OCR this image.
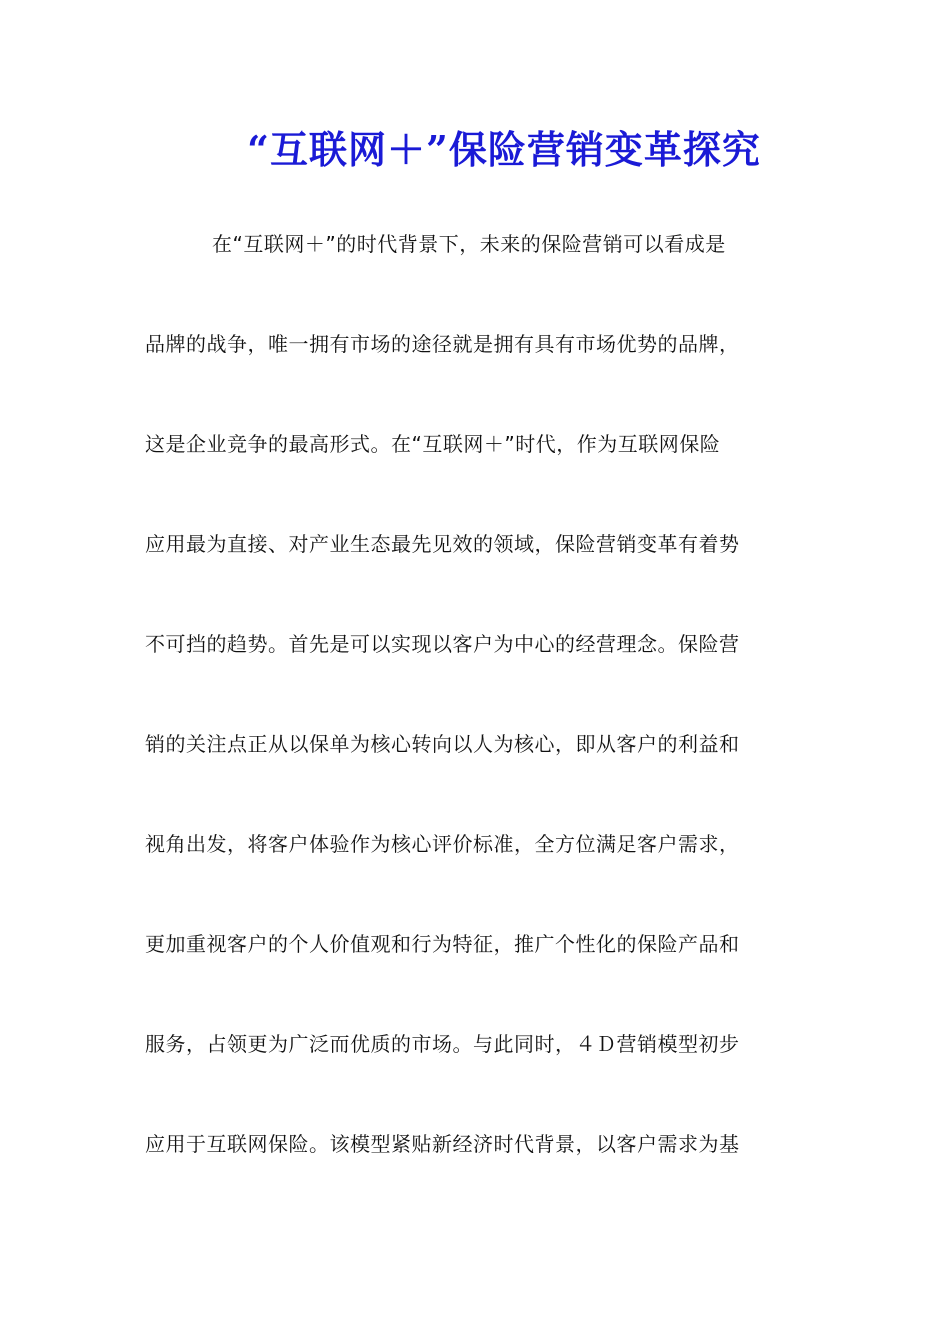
“互联网＋”保险营销变革探究
在“互联网＋”的时代背景下，未来的保险营销可以看成是
品牌的战争，唯一拥有市场的途径就是拥有具有市场优势的品牌，
这是企业竞争的最高形式。在“互联网＋”时代，作为互联网保险
应用最为直接、对产业生态最先见效的领域，保险营销变革有着势
不可挡的趋势。首先是可以实现以客户为中心的经营理念。保险营
销的关注点正从以保单为核心转向以人为核心，即从客户的利益和
视角出发，将客户体验作为核心评价标准，全方位满足客户需求，
更加重视客户的个人价值观和行为特征，推广个性化的保险产品和
服务，占领更为广泛而优质的市场。与此同时，４Ｄ营销模型初步
应用于互联网保险。该模型紧贴新经济时代背景，以客户需求为基
